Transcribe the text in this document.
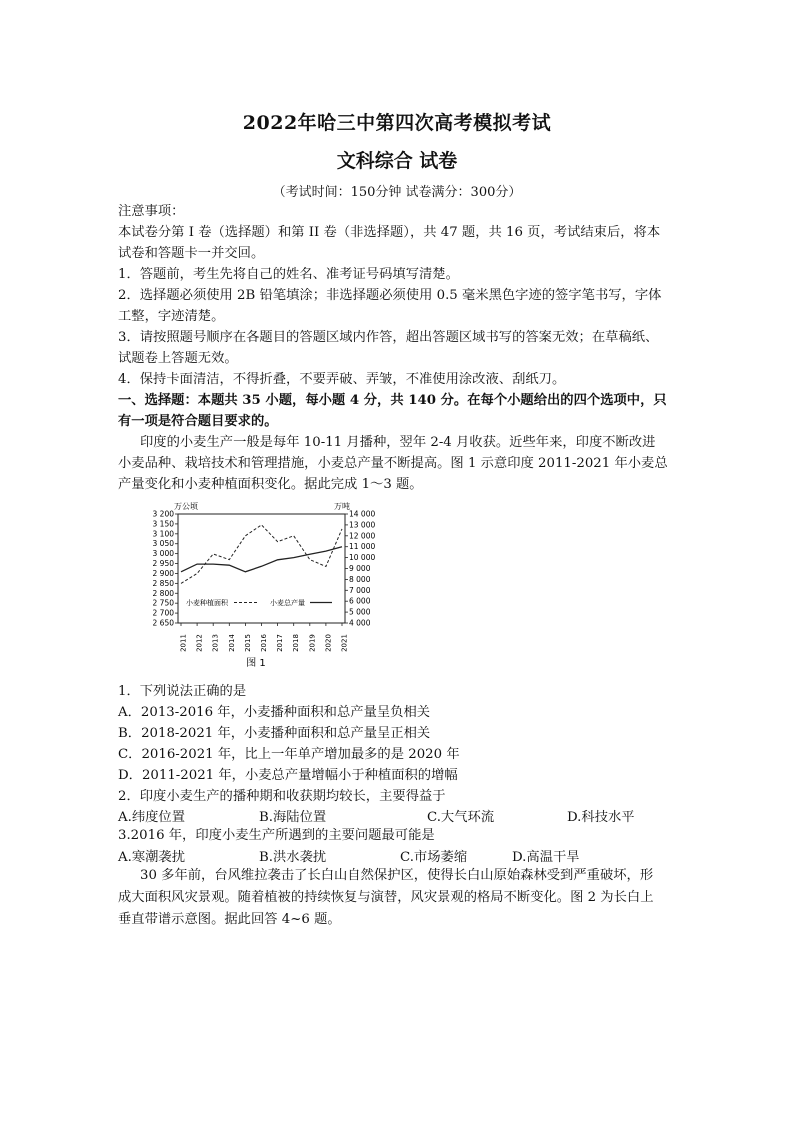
2022年哈三中第四次高考模拟考试
文科综合 试卷
（考试时间：150分钟 试卷满分：300分）
注意事项：
本试卷分第 I 卷（选择题）和第 II 卷（非选择题），共 47 题，共 16 页，考试结束后，将本
试卷和答题卡一并交回。
1．答题前，考生先将自己的姓名、准考证号码填写清楚。
2．选择题必须使用 2B 铅笔填涂；非选择题必须使用 0.5 毫米黑色字迹的签字笔书写，字体
工整，字迹清楚。
3．请按照题号顺序在各题目的答题区域内作答，超出答题区域书写的答案无效；在草稿纸、
试题卷上答题无效。
4．保持卡面清洁，不得折叠，不要弄破、弄皱，不准使用涂改液、刮纸刀。
一、选择题：本题共 35 小题，每小题 4 分，共 140 分。在每个小题给出的四个选项中，只
有一项是符合题目要求的。
印度的小麦生产一般是每年 10-11 月播种，翌年 2-4 月收获。近些年来，印度不断改进
小麦品种、栽培技术和管理措施，小麦总产量不断提高。图 1 示意印度 2011-2021 年小麦总
产量变化和小麦种植面积变化。据此完成 1～3 题。
万公顷	万吨
3 200
3 150
3 100
3 050
3 000
2 950
2 900
2 850
2 800
2 750
2 700
2 650
14 000
13 000
12 000
11 000
10 000
9 000
8 000
7 000
6 000
5 000
4 000
2011 2012 2013 2014 2015 2016 2017 2018 2019 2020 2021
小麦种植面积	小麦总产量
图 1
1．下列说法正确的是
A．2013-2016 年，小麦播种面积和总产量呈负相关
B．2018-2021 年，小麦播种面积和总产量呈正相关
C．2016-2021 年，比上一年单产增加最多的是 2020 年
D．2011-2021 年，小麦总产量增幅小于种植面积的增幅
2．印度小麦生产的播种期和收获期均较长，主要得益于
A.纬度位置	B.海陆位置	C.大气环流	D.科技水平
3.2016 年，印度小麦生产所遇到的主要问题最可能是
A.寒潮袭扰	B.洪水袭扰	C.市场萎缩	D.高温干旱
30 多年前，台风维拉袭击了长白山自然保护区，使得长白山原始森林受到严重破坏，形
成大面积风灾景观。随着植被的持续恢复与演替，风灾景观的格局不断变化。图 2 为长白上
垂直带谱示意图。据此回答 4~6 题。
